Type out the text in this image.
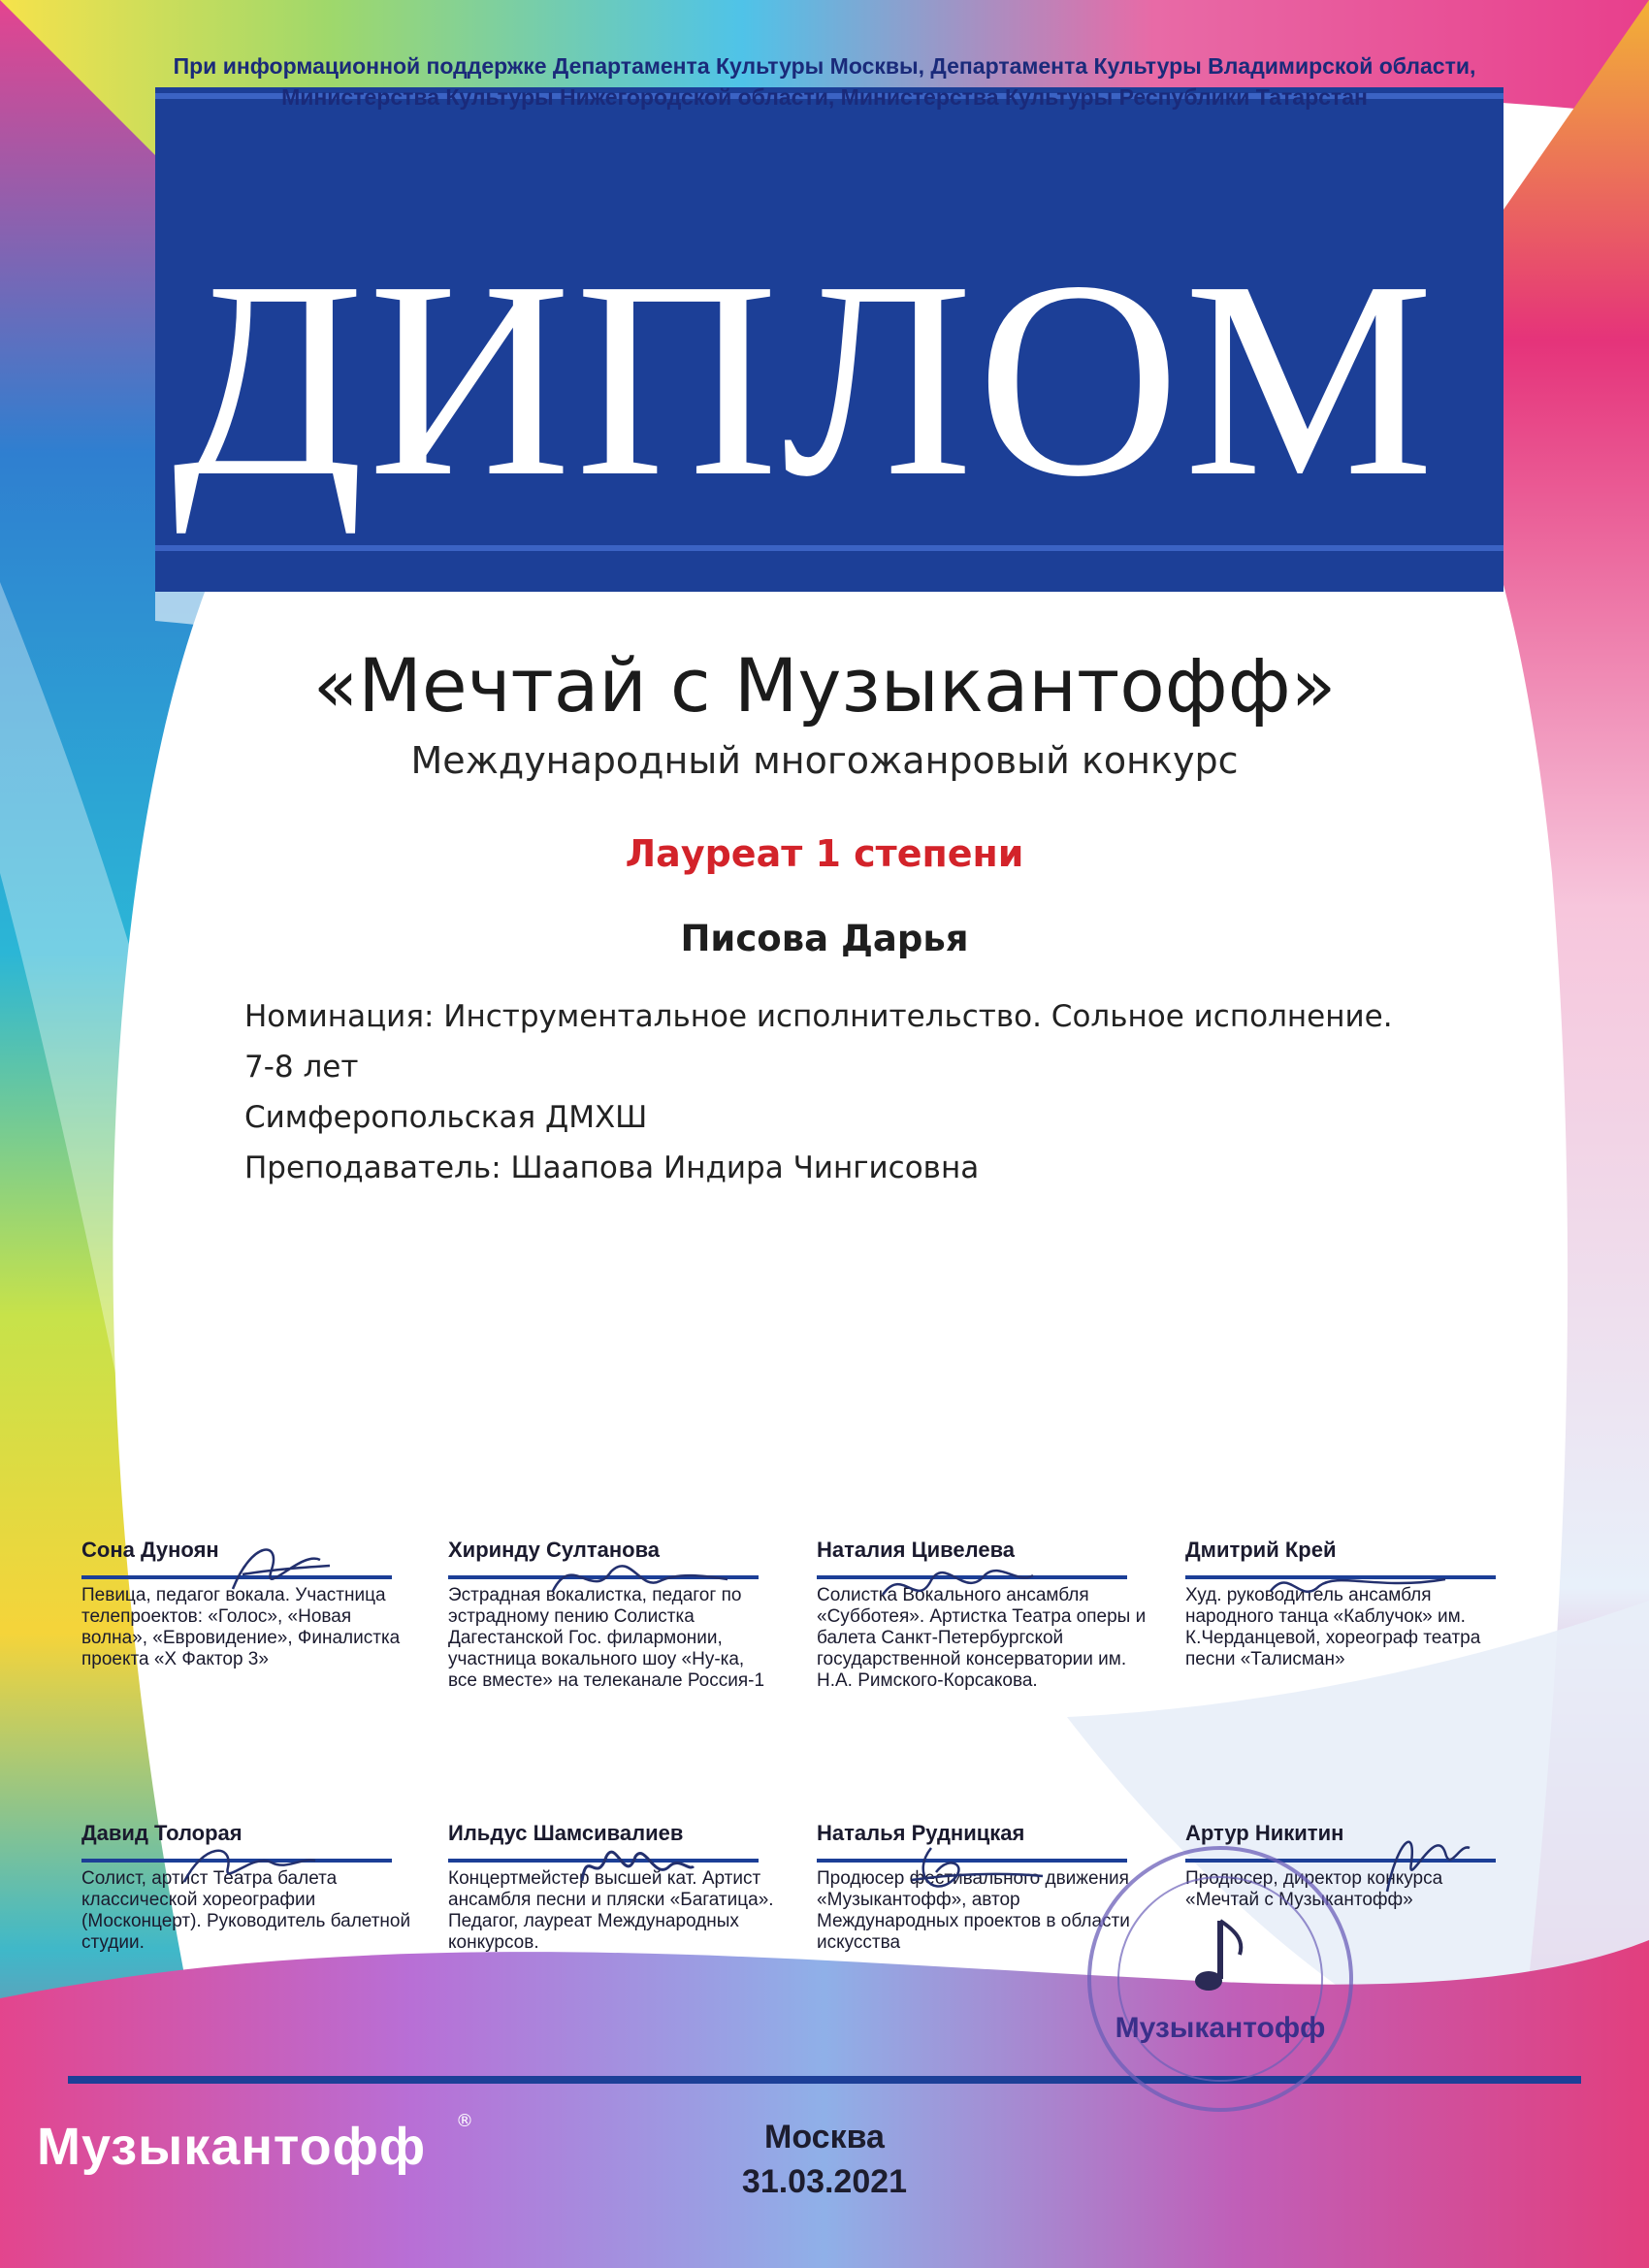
При информационной поддержке Департамента Культуры Москвы, Департамента Культуры Владимирской области,
Министерства Культуры Нижегородской области, Министерства Культуры Республики Татарстан
ДИПЛОМ
«Мечтай с Музыкантофф»
Международный многожанровый конкурс
Лауреат 1 степени
Писова Дарья
Номинация: Инструментальное исполнительство. Сольное исполнение.
7-8 лет
Симферопольская ДМХШ
Преподаватель: Шаапова Индира Чингисовна
Сона Дуноян
Певица, педагог вокала. Участница телепроектов: «Голос», «Новая волна», «Евровидение», Финалистка проекта «Х Фактор 3»
Хиринду Султанова
Эстрадная вокалистка, педагог по эстрадному пению Солистка Дагестанской Гос. филармонии, участница вокального шоу «Ну-ка, все вместе» на телеканале Россия-1
Наталия Цивелева
Солистка Вокального ансамбля «Субботея». Артистка Театра оперы и балета Санкт-Петербургской государственной консерватории им. Н.А. Римского-Корсакова.
Дмитрий Крей
Худ. руководитель ансамбля народного танца «Каблучок» им. К.Черданцевой, хореограф театра песни «Талисман»
Давид Толорая
Солист, артист Театра балета классической хореографии (Москонцерт). Руководитель балетной студии.
Ильдус Шамсивалиев
Концертмейстер высшей кат. Артист ансамбля песни и пляски «Багатица». Педагог, лауреат Международных конкурсов.
Наталья Рудницкая
Продюсер фестивального движения «Музыкантофф», автор Международных проектов в области искусства
Артур Никитин
Продюсер, директор конкурса «Мечтай с Музыкантофф»
Музыкантофф
Музыкантофф ®	Москва
31.03.2021
